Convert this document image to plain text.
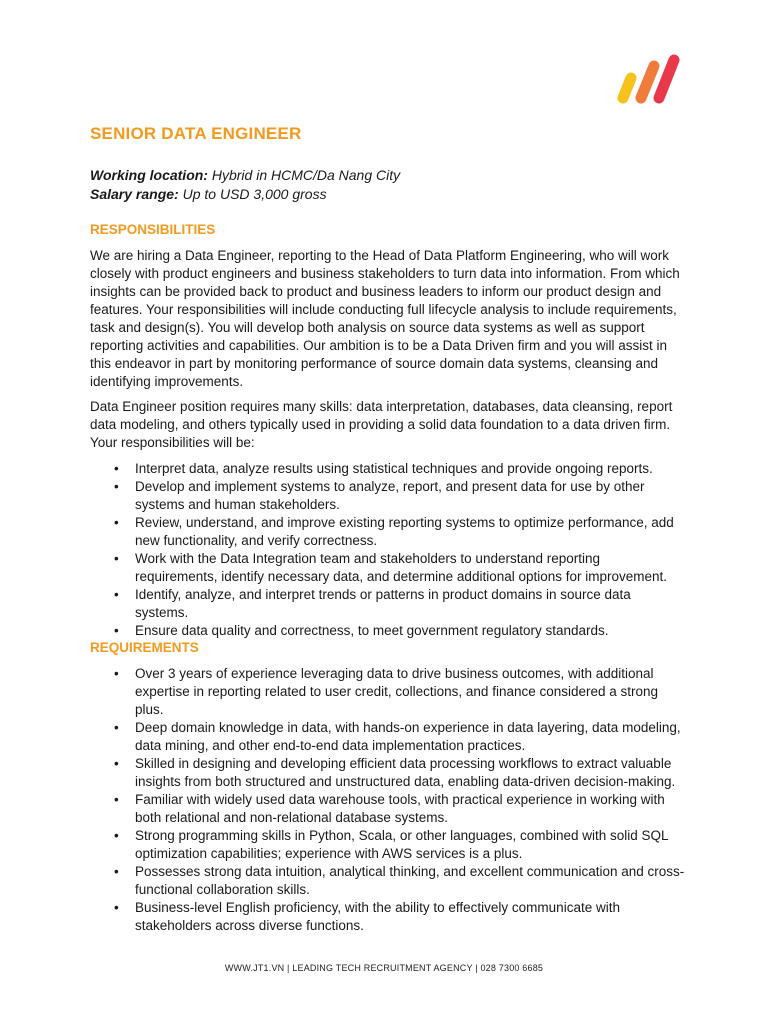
SENIOR DATA ENGINEER
Working location: Hybrid in HCMC/Da Nang City
Salary range: Up to USD 3,000 gross
RESPONSIBILITIES

We are hiring a Data Engineer, reporting to the Head of Data Platform Engineering, who will work closely with product engineers and business stakeholders to turn data into information. From which insights can be provided back to product and business leaders to inform our product design and features. Your responsibilities will include conducting full lifecycle analysis to include requirements, task and design(s). You will develop both analysis on source data systems as well as support reporting activities and capabilities. Our ambition is to be a Data Driven firm and you will assist in this endeavor in part by monitoring performance of source domain data systems, cleansing and identifying improvements.

Data Engineer position requires many skills: data interpretation, databases, data cleansing, report data modeling, and others typically used in providing a solid data foundation to a data driven firm. Your responsibilities will be:

• Interpret data, analyze results using statistical techniques and provide ongoing reports.
• Develop and implement systems to analyze, report, and present data for use by other systems and human stakeholders.
• Review, understand, and improve existing reporting systems to optimize performance, add new functionality, and verify correctness.
• Work with the Data Integration team and stakeholders to understand reporting requirements, identify necessary data, and determine additional options for improvement.
• Identify, analyze, and interpret trends or patterns in product domains in source data systems.
• Ensure data quality and correctness, to meet government regulatory standards.
REQUIREMENTS
• Over 3 years of experience leveraging data to drive business outcomes, with additional expertise in reporting related to user credit, collections, and finance considered a strong plus.
• Deep domain knowledge in data, with hands-on experience in data layering, data modeling, data mining, and other end-to-end data implementation practices.
• Skilled in designing and developing efficient data processing workflows to extract valuable insights from both structured and unstructured data, enabling data-driven decision-making.
• Familiar with widely used data warehouse tools, with practical experience in working with both relational and non-relational database systems.
• Strong programming skills in Python, Scala, or other languages, combined with solid SQL optimization capabilities; experience with AWS services is a plus.
• Possesses strong data intuition, analytical thinking, and excellent communication and cross-functional collaboration skills.
• Business-level English proficiency, with the ability to effectively communicate with stakeholders across diverse functions.
WWW.JT1.VN | LEADING TECH RECRUITMENT AGENCY | 028 7300 6685
